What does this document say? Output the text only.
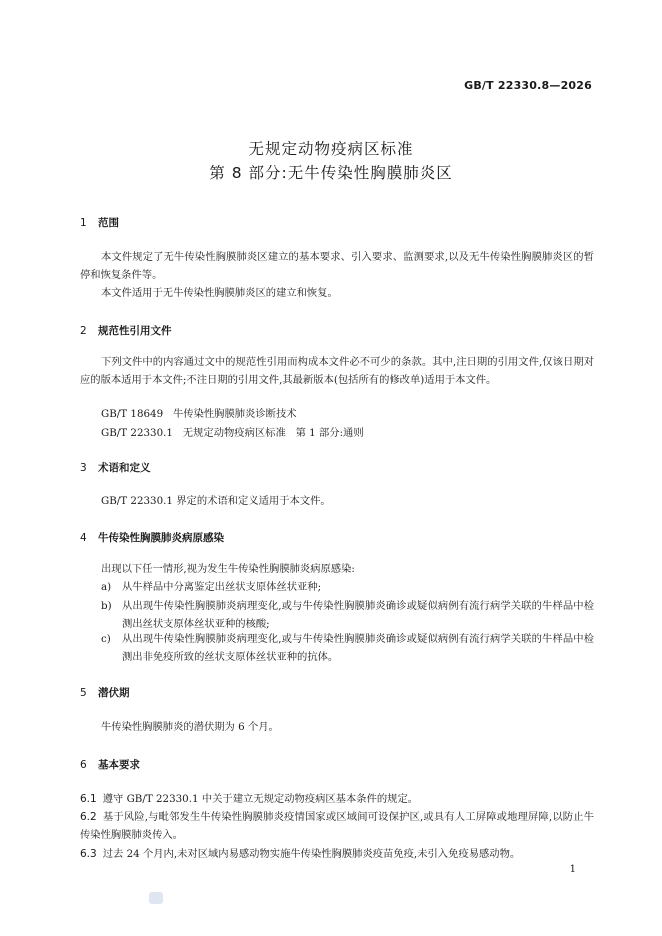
GB/T 22330.8—2026
无规定动物疫病区标准
第 8 部分:无牛传染性胸膜肺炎区
1 范围
本文件规定了无牛传染性胸膜肺炎区建立的基本要求、引入要求、监测要求,以及无牛传染性胸膜肺炎区的暂停和恢复条件等。
本文件适用于无牛传染性胸膜肺炎区的建立和恢复。
2 规范性引用文件
下列文件中的内容通过文中的规范性引用而构成本文件必不可少的条款。其中,注日期的引用文件,仅该日期对应的版本适用于本文件;不注日期的引用文件,其最新版本(包括所有的修改单)适用于本文件。
GB/T 18649   牛传染性胸膜肺炎诊断技术
GB/T 22330.1   无规定动物疫病区标准   第 1 部分:通则
3 术语和定义
GB/T 22330.1 界定的术语和定义适用于本文件。
4 牛传染性胸膜肺炎病原感染
出现以下任一情形,视为发生牛传染性胸膜肺炎病原感染:
a) 从牛样品中分离鉴定出丝状支原体丝状亚种;
b) 从出现牛传染性胸膜肺炎病理变化,或与牛传染性胸膜肺炎确诊或疑似病例有流行病学关联的牛样品中检测出丝状支原体丝状亚种的核酸;
c) 从出现牛传染性胸膜肺炎病理变化,或与牛传染性胸膜肺炎确诊或疑似病例有流行病学关联的牛样品中检测出非免疫所致的丝状支原体丝状亚种的抗体。
5 潜伏期
牛传染性胸膜肺炎的潜伏期为 6 个月。
6 基本要求
6.1 遵守 GB/T 22330.1 中关于建立无规定动物疫病区基本条件的规定。
6.2 基于风险,与毗邻发生牛传染性胸膜肺炎疫情国家或区域间可设保护区,或具有人工屏障或地理屏障,以防止牛传染性胸膜肺炎传入。
6.3 过去 24 个月内,未对区域内易感动物实施牛传染性胸膜肺炎疫苗免疫,未引入免疫易感动物。
1
